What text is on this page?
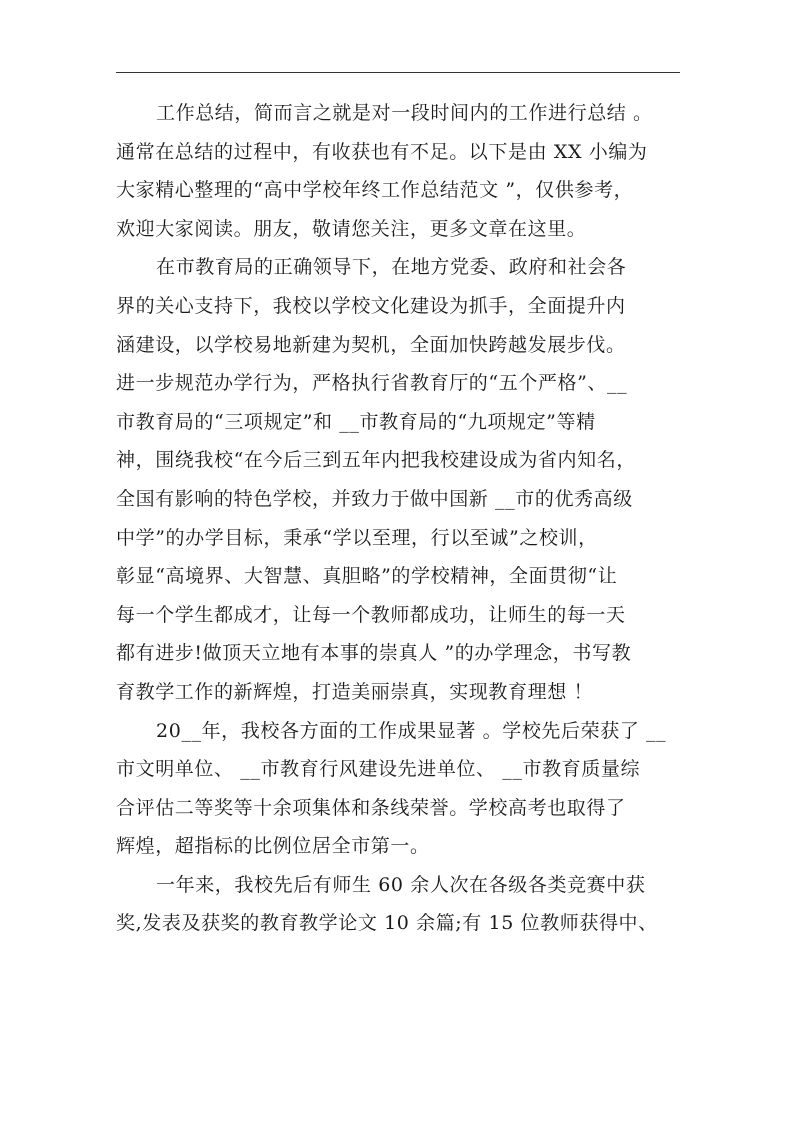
工作总结，简而言之就是对一段时间内的工作进行总结 。
通常在总结的过程中，有收获也有不足。以下是由 XX 小编为
大家精心整理的“高中学校年终工作总结范文 ”，仅供参考，
欢迎大家阅读。朋友，敬请您关注，更多文章在这里。
在市教育局的正确领导下，在地方党委、政府和社会各
界的关心支持下，我校以学校文化建设为抓手，全面提升内
涵建设，以学校易地新建为契机，全面加快跨越发展步伐。
进一步规范办学行为，严格执行省教育厅的“五个严格”、__
市教育局的“三项规定”和 __市教育局的“九项规定”等精
神，围绕我校“在今后三到五年内把我校建设成为省内知名，
全国有影响的特色学校，并致力于做中国新 __市的优秀高级
中学”的办学目标，秉承“学以至理，行以至诚”之校训，
彰显“高境界、大智慧、真胆略”的学校精神，全面贯彻“让
每一个学生都成才，让每一个教师都成功，让师生的每一天
都有进步!做顶天立地有本事的崇真人 ”的办学理念，书写教
育教学工作的新辉煌，打造美丽崇真，实现教育理想 ！
20__年，我校各方面的工作成果显著 。学校先后荣获了 __
市文明单位、 __市教育行风建设先进单位、 __市教育质量综
合评估二等奖等十余项集体和条线荣誉。学校高考也取得了
辉煌，超指标的比例位居全市第一。
一年来，我校先后有师生 60 余人次在各级各类竞赛中获
奖,发表及获奖的教育教学论文 10 余篇;有 15 位教师获得中、
